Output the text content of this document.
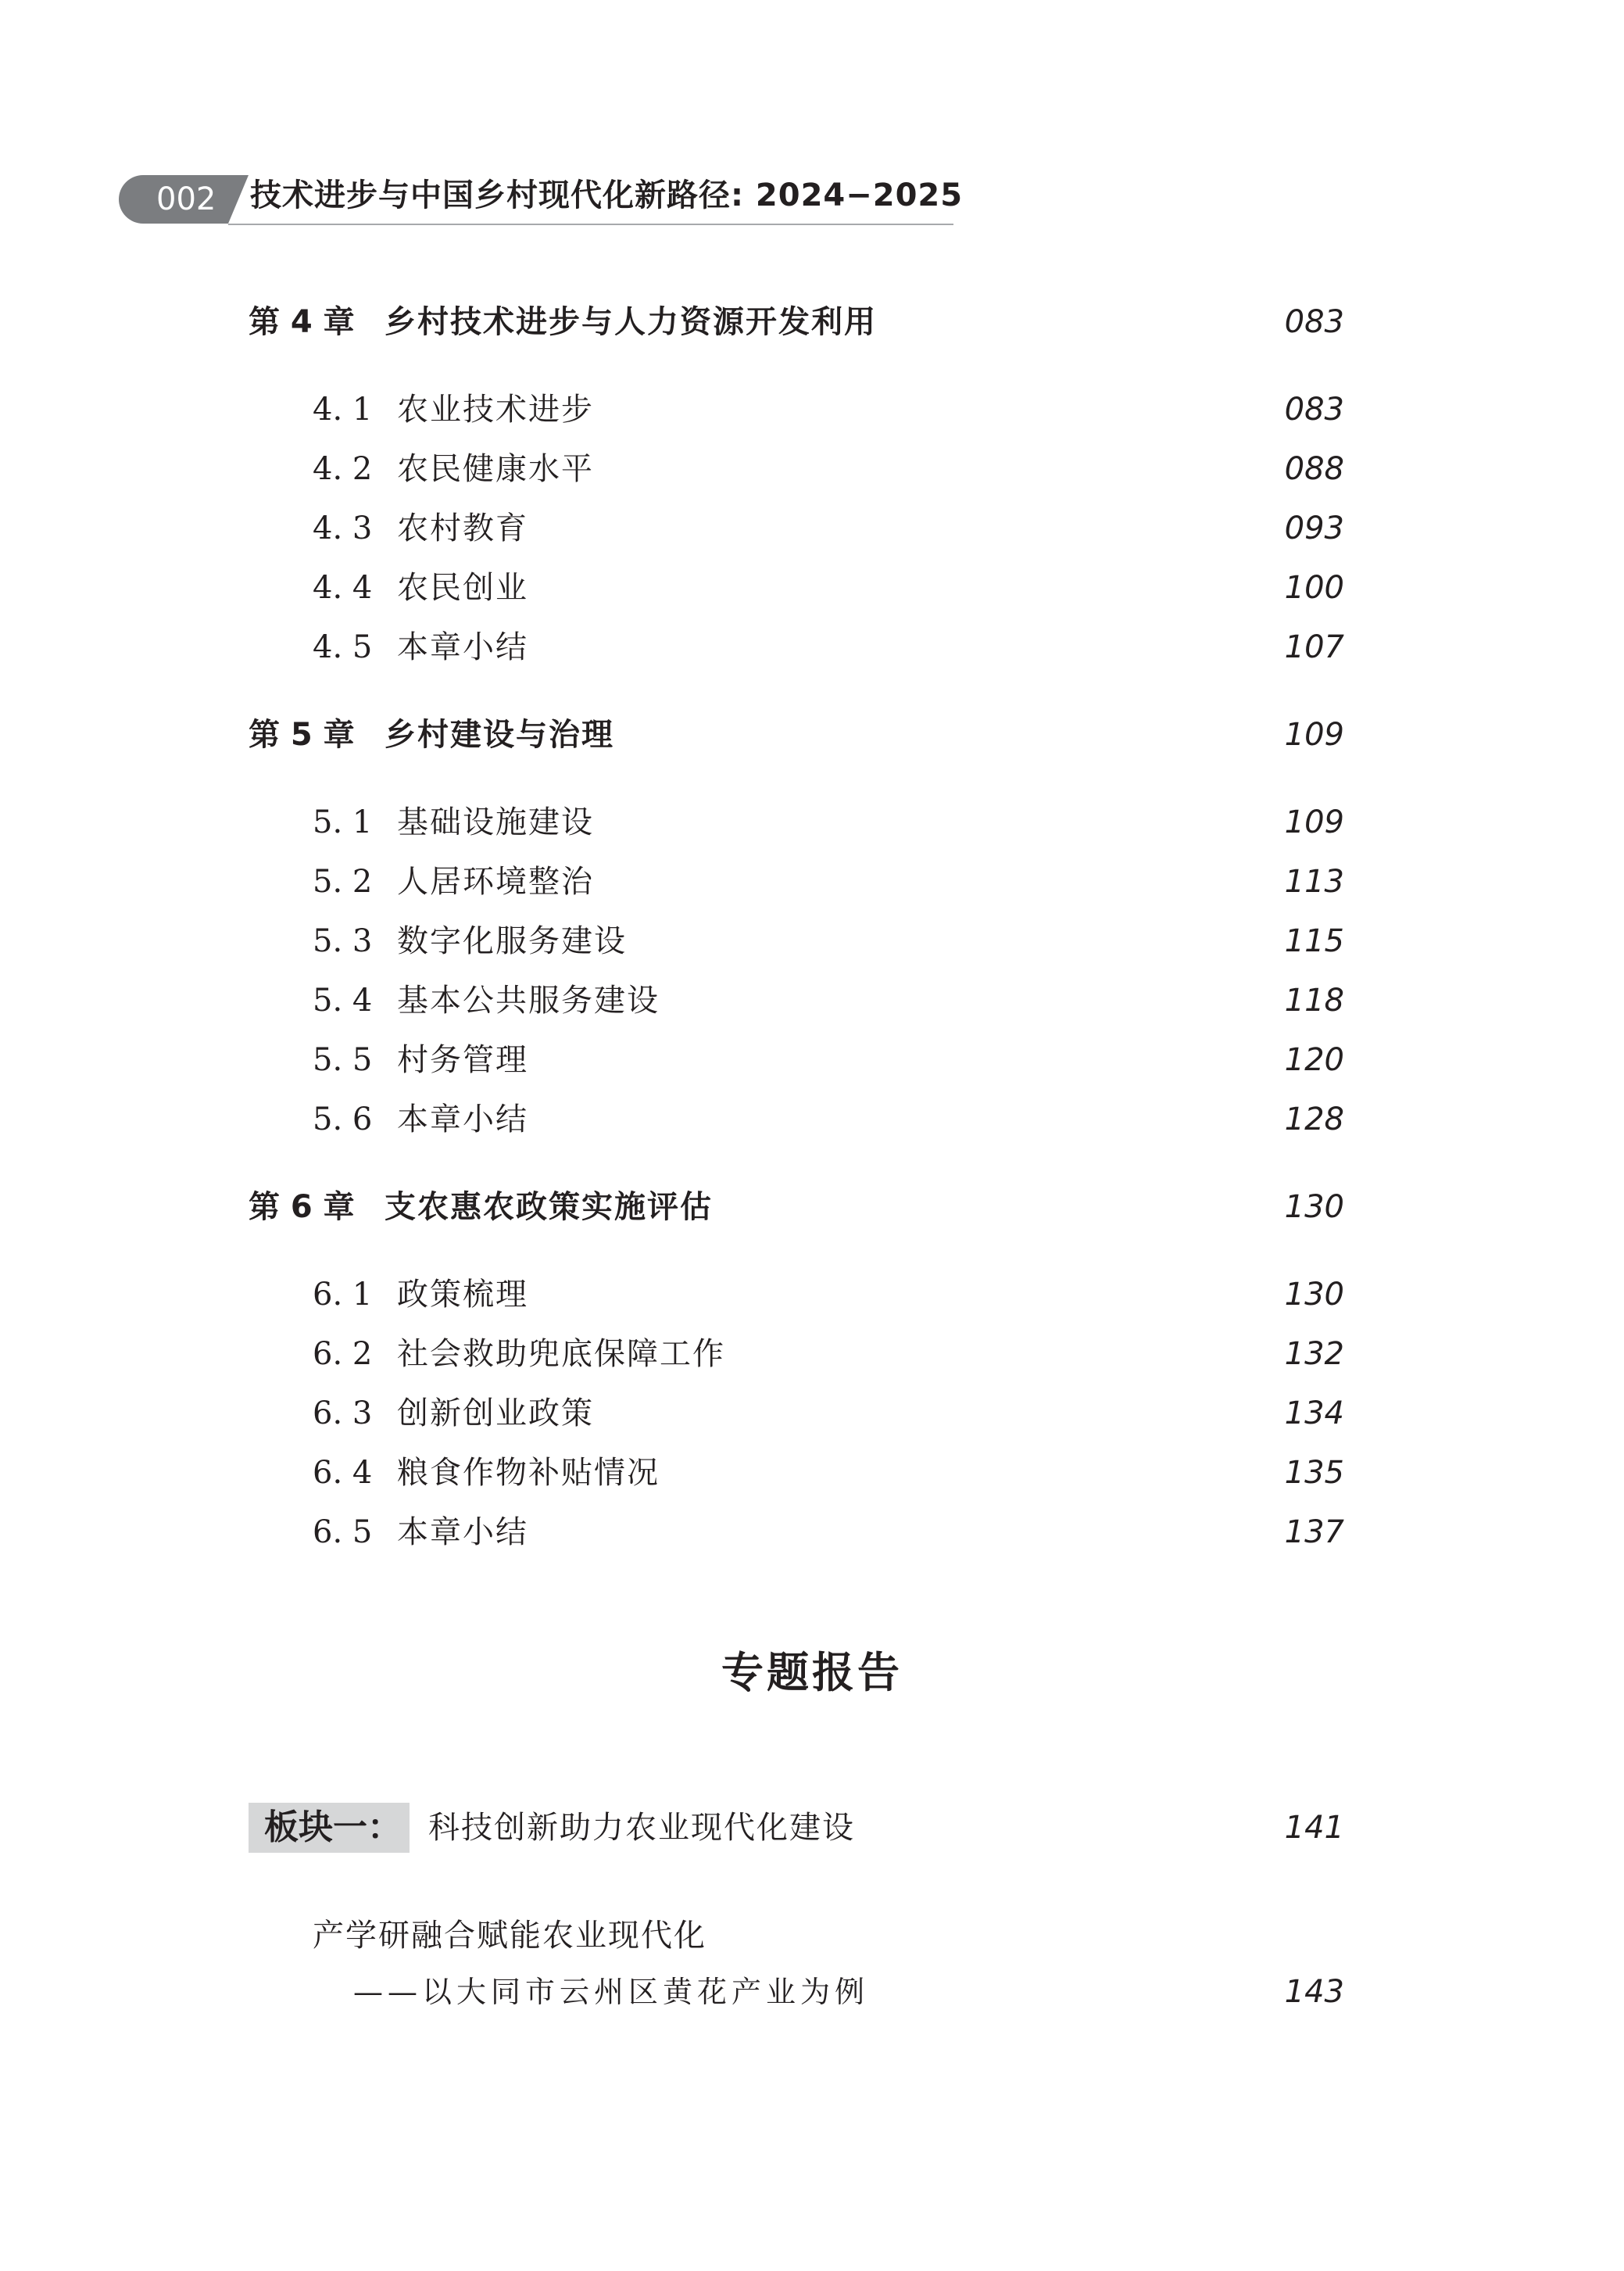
002 技术进步与中国乡村现代化新路径: 2024−2025
第 4 章 乡村技术进步与人力资源开发利用	083
4. 1 农业技术进步	083
4. 2 农民健康水平	088
4. 3 农村教育	093
4. 4 农民创业	100
4. 5 本章小结	107
第 5 章 乡村建设与治理	109
5. 1 基础设施建设	109
5. 2 人居环境整治	113
5. 3 数字化服务建设	115
5. 4 基本公共服务建设	118
5. 5 村务管理	120
5. 6 本章小结	128
第 6 章 支农惠农政策实施评估	130
6. 1 政策梳理	130
6. 2 社会救助兜底保障工作	132
6. 3 创新创业政策	134
6. 4 粮食作物补贴情况	135
6. 5 本章小结	137
专题报告
板块一： 科技创新助力农业现代化建设	141
产学研融合赋能农业现代化
——以大同市云州区黄花产业为例	143
